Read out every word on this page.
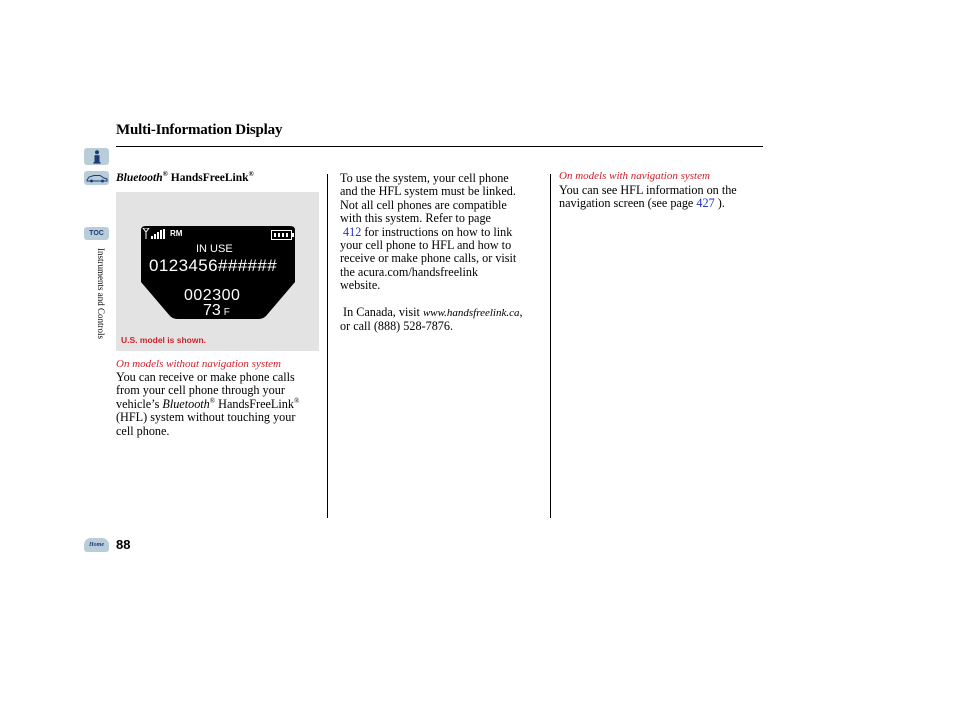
Multi-Information Display
TOC
Instruments and Controls
Home
Bluetooth® HandsFreeLink®
RM
IN USE
0123456######
002300
73 F
U.S. model is shown.
On models without navigation system
You can receive or make phone calls
from your cell phone through your
vehicle’s Bluetooth® HandsFreeLink®
(HFL) system without touching your
cell phone.
To use the system, your cell phone
and the HFL system must be linked.
Not all cell phones are compatible
with this system. Refer to page
412 for instructions on how to link
your cell phone to HFL and how to
receive or make phone calls, or visit
the acura.com/handsfreelink
website.
In Canada, visit www.handsfreelink.ca,
or call (888) 528-7876.
On models with navigation system
You can see HFL information on the
navigation screen (see page 427 ).
88
